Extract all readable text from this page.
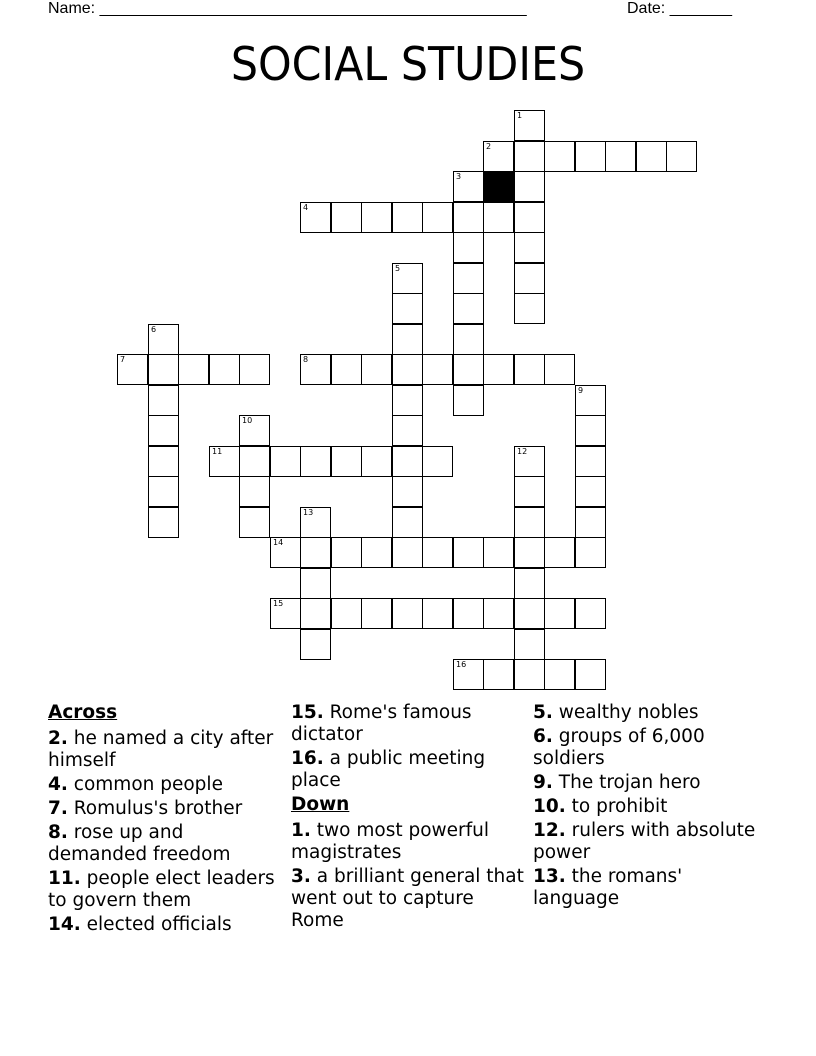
Name: ________________________________________________	Date: _______
SOCIAL STUDIES
1
2
3
4
5
6
7	8
9
10
11	12
13
14
15
16
Across
2. he named a city after himself
4. common people
7. Romulus's brother
8. rose up and demanded freedom
11. people elect leaders to govern them
14. elected officials
15. Rome's famous dictator
16. a public meeting place
Down
1. two most powerful magistrates
3. a brilliant general that went out to capture Rome
5. wealthy nobles
6. groups of 6,000 soldiers
9. The trojan hero
10. to prohibit
12. rulers with absolute power
13. the romans' language
